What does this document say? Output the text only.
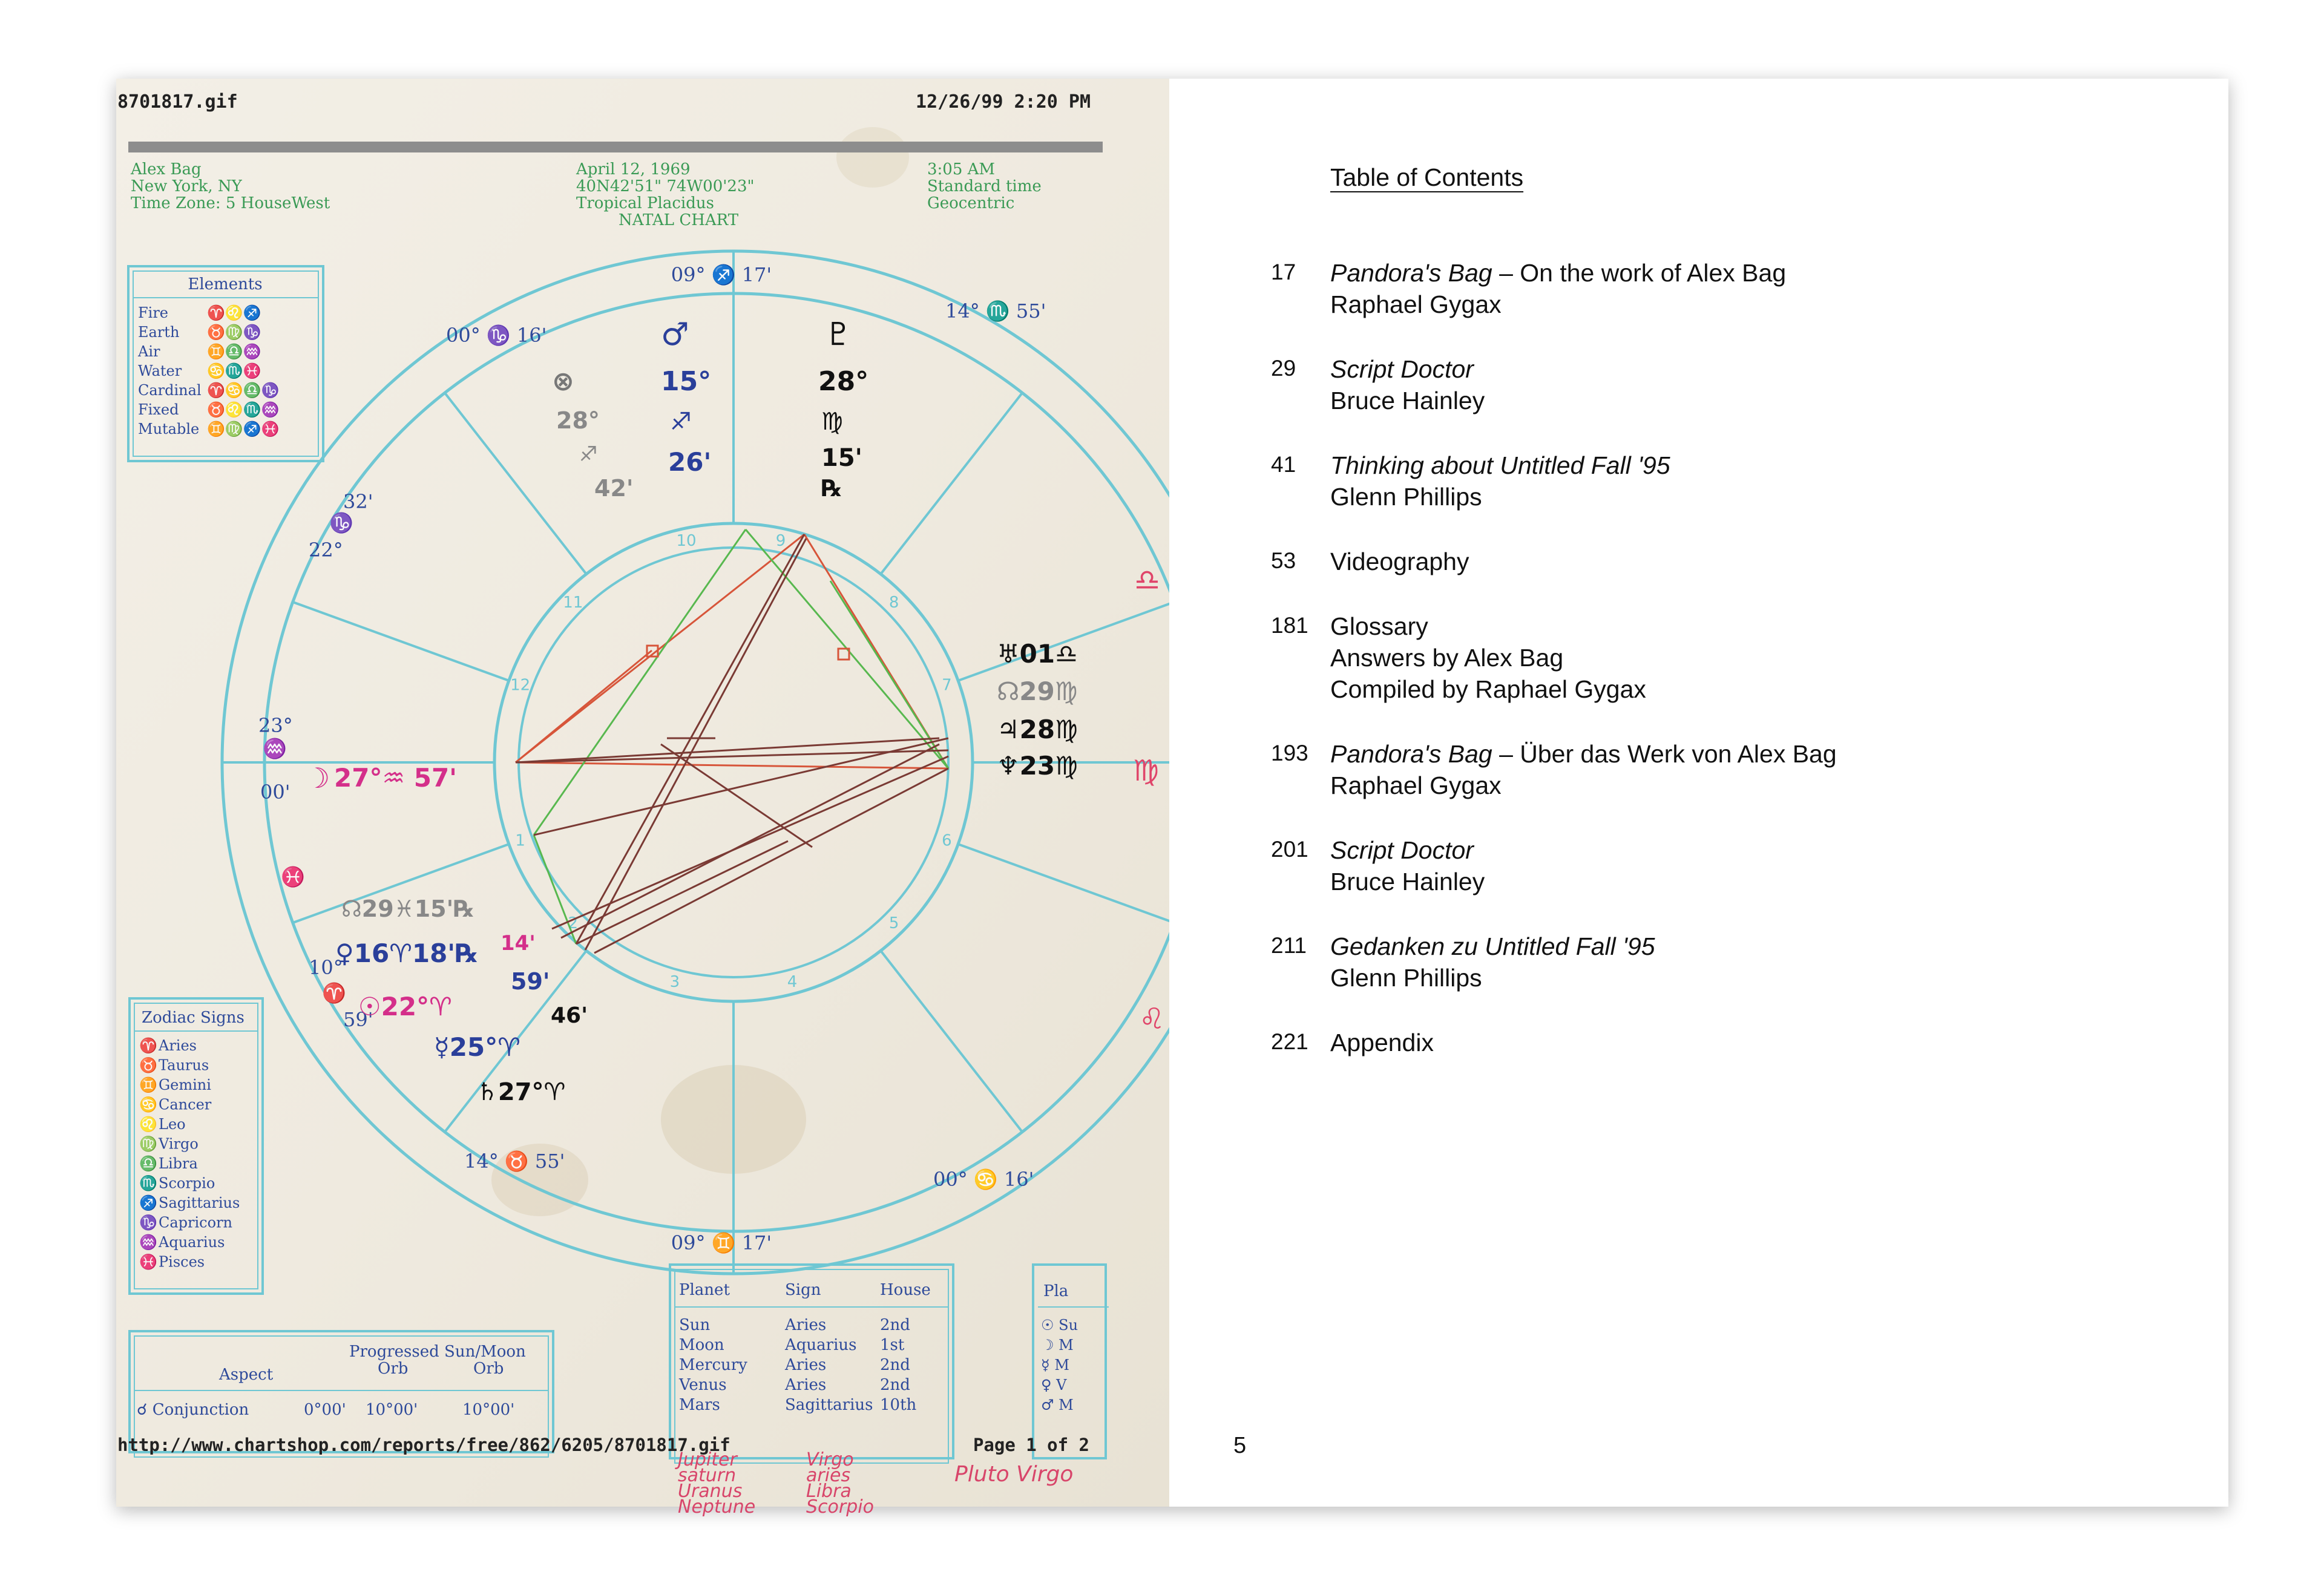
8701817.gif	12/26/99 2:20 PM
Alex Bag
New York, NY
Time Zone: 5 HouseWest
April 12, 1969
40N42'51" 74W00'23"
Tropical Placidus
NATAL CHART
3:05 AM
Standard time
Geocentric
Elements
Fire	♈♌♐
Earth ♉♍♑
Air	♊♎♒
Water ♋♏♓
Cardinal ♈♋♎♑
Fixed ♉♌♏♒
Mutable ♊♍♐♓
Zodiac Signs
♈ Aries
♉ Taurus
♊ Gemini
♋ Cancer
♌ Leo
♍ Virgo
♎ Libra
♏ Scorpio
♐ Sagittarius
♑ Capricorn
♒ Aquarius
♓ Pisces
Progressed Sun/Moon
Aspect	Orb	Orb
☌ Conjunction	0°00' 10°00'	10°00'
Planet	Sign	House
Sun	Aries	2nd
Moon	Aquarius 1st
Mercury Aries	2nd
Venus	Aries	2nd
Mars	Sagittarius 10th
Pla
☉ Su
☽ M
☿ M
♀ V
♂ M
10	9
11	8
12	7
1	6
2	5
3	4
09° ♐ 17'
09° ♊ 17'
00° ♑ 16'
14° ♏ 55'
32'
♑
22°
23°
♒
00'
♓
10°
♈
59'
14° ♉ 55'
00° ♋ 16'
⊗
28°
♐
42'
♂
15°
♐
26'
♇
28°
♍
15'
℞
☽ 27°♒ 57'
♅01♎
☊29♍
♃28♍
♆23♍
☊29♓15'℞
♀16♈18'℞ 14'
☉22°♈
59'
☿25°♈
46'
♄27°♈
♎
♍
♌
http://www.chartshop.com/reports/free/862/6205/8701817.gif	Page 1 of 2
Jupiter
saturn
Uranus
Neptune
Virgo
aries
Libra
Scorpio
Pluto Virgo
Table of Contents
17 Pandora's Bag – On the work of Alex Bag
Raphael Gygax
29 Script Doctor
Bruce Hainley
41 Thinking about Untitled Fall '95
Glenn Phillips
53 Videography
181 Glossary
Answers by Alex Bag
Compiled by Raphael Gygax
193 Pandora's Bag – Über das Werk von Alex Bag
Raphael Gygax
201 Script Doctor
Bruce Hainley
211 Gedanken zu Untitled Fall '95
Glenn Phillips
221 Appendix
5
